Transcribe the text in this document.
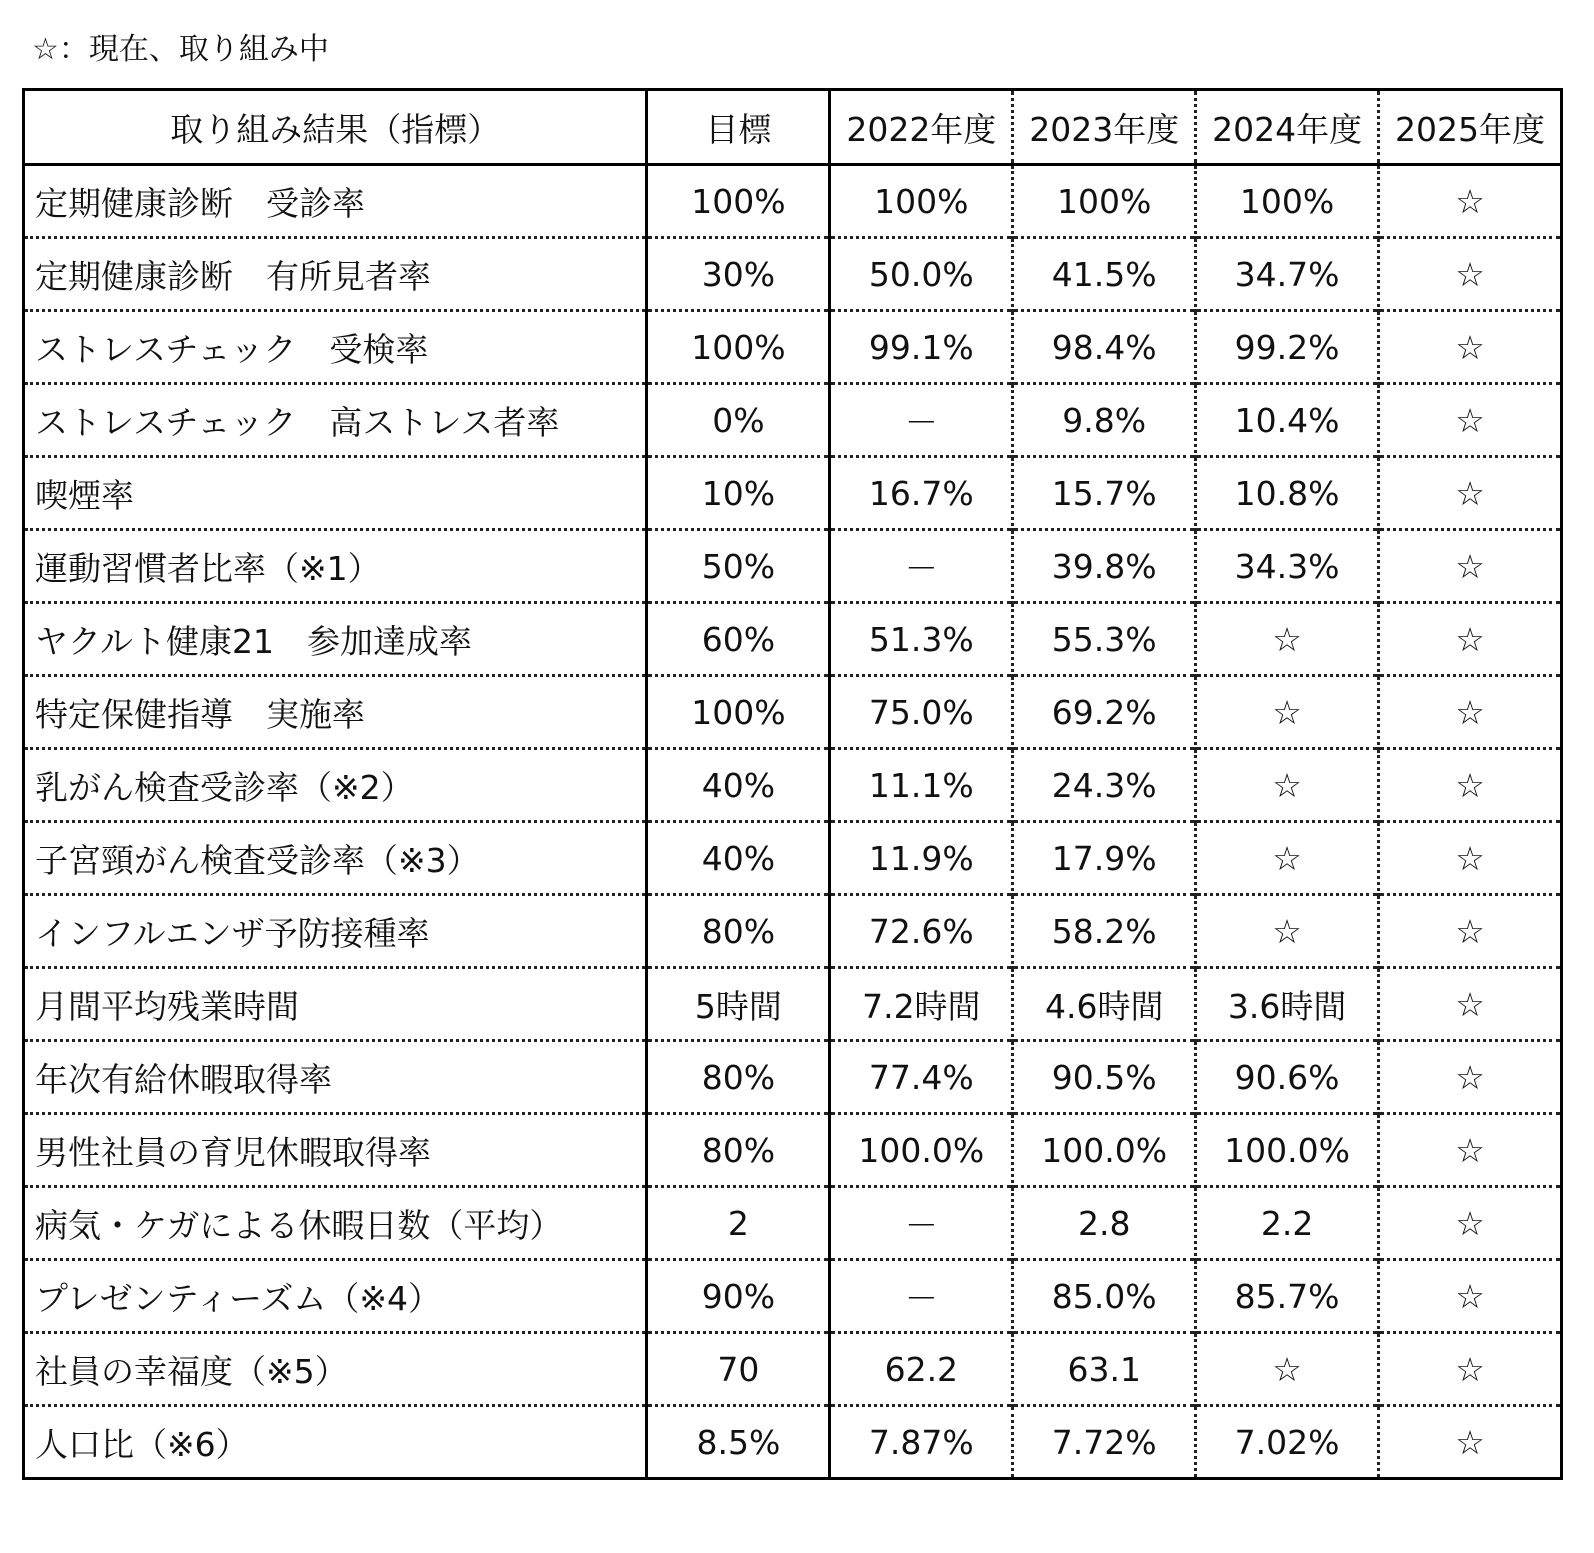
☆：現在、取り組み中
取り組み結果（指標）	目標	2022年度	2023年度	2024年度	2025年度
定期健康診断　受診率	100%	100%	100%	100%	☆
定期健康診断　有所見者率	30%	50.0%	41.5%	34.7%	☆
ストレスチェック　受検率	100%	99.1%	98.4%	99.2%	☆
ストレスチェック　高ストレス者率	0%	－	9.8%	10.4%	☆
喫煙率	10%	16.7%	15.7%	10.8%	☆
運動習慣者比率（※1）	50%	－	39.8%	34.3%	☆
ヤクルト健康21　参加達成率	60%	51.3%	55.3%	☆	☆
特定保健指導　実施率	100%	75.0%	69.2%	☆	☆
乳がん検査受診率（※2）	40%	11.1%	24.3%	☆	☆
子宮頸がん検査受診率（※3）	40%	11.9%	17.9%	☆	☆
インフルエンザ予防接種率	80%	72.6%	58.2%	☆	☆
月間平均残業時間	5時間	7.2時間	4.6時間	3.6時間	☆
年次有給休暇取得率	80%	77.4%	90.5%	90.6%	☆
男性社員の育児休暇取得率	80%	100.0%	100.0%	100.0%	☆
病気・ケガによる休暇日数（平均）	2	－	2.8	2.2	☆
プレゼンティーズム（※4）	90%	－	85.0%	85.7%	☆
社員の幸福度（※5）	70	62.2	63.1	☆	☆
人口比（※6）	8.5%	7.87%	7.72%	7.02%	☆
